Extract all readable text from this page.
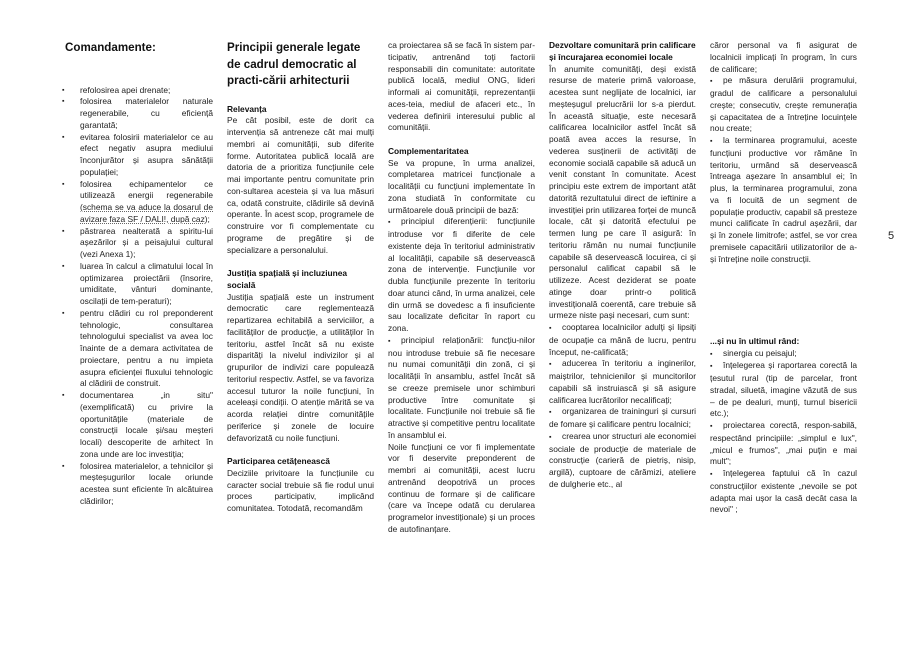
Comandamente:
▪ refolosirea apei drenate;
▪ folosirea materialelor naturale regenerabile, cu eficiență garantată;
▪ evitarea folosirii materialelor ce au efect negativ asupra mediului înconjurător și asupra sănătății populației;
▪ folosirea echipamentelor ce utilizează energii regenerabile (schema se va aduce la dosarul de avizare faza SF / DALI!, după caz);
▪ păstrarea nealterată a spiritu-lui așezărilor și a peisajului cultural (vezi Anexa 1);
▪ luarea în calcul a climatului local în optimizarea proiectării (însorire, umiditate, vânturi dominante, oscilații de tem-peraturi);
▪ pentru clădiri cu rol preponderent tehnologic, consultarea tehnologului specialist va avea loc înainte de a demara activitatea de proiectare, pentru a nu impieta asupra eficienței fluxului tehnologic al clădirii de construit.
▪ documentarea „in situ" (exemplificată) cu privire la oportunitățile (materiale de construcții locale și/sau meșteri locali) descoperite de arhitect în zona unde are loc investiția;
▪ folosirea materialelor, a tehnicilor și meșteșugurilor locale oriunde acestea sunt eficiente în alcătuirea clădirilor;
Principii generale legate de cadrul democratic al practi-cării arhitecturii
Relevanța
Pe cât posibil, este de dorit ca intervenția să antreneze cât mai mulți membri ai comunității, sub diferite forme. Autoritatea publică locală are datoria de a prioritiza funcțiunile cele mai importante pentru comunitate prin con-sultarea acesteia și va lua măsuri ca, odată construite, clădirile să devină operante. În acest scop, programele de construire vor fi complementate cu programe de pregătire și de specializare a personalului.
Justiția spațială și incluziunea socială
Justiția spațială este un instrument democratic care reglementează repartizarea echitabilă a serviciilor, a facilităților de producție, a utilităților în teritoriu, astfel încât să nu existe disparități la nivelul indivizilor și al grupurilor de indivizi care populează teritoriul respectiv. Astfel, se va favoriza accesul tuturor la noile funcțiuni, în aceleași condiții. O atenție mărită se va acorda relației dintre comunitățile periferice și zonele de locuire defavorizată cu noile funcțiuni.
Participarea cetățenească
Deciziile privitoare la funcțiunile cu caracter social trebuie să fie rodul unui proces participativ, implicând comunitatea. Totodată, recomandăm
ca proiectarea să se facă în sistem par-ticipativ, antrenând toți factorii responsabili din comunitate: autoritate publică locală, mediul ONG, lideri informali ai comunității, reprezentanții aces-teia, mediul de afaceri etc., în vederea definirii interesului public al comunității.
Complementaritatea
Se va propune, în urma analizei, completarea matricei funcționale a localității cu funcțiuni implementate în zona studiată în conformitate cu următoarele două principii de bază:
▪ principiul diferențierii: funcțiunile introduse vor fi diferite de cele existente deja în teritoriul administrativ al localității, capabile să deservească zona de intervenție. Funcțiunile vor dubla funcțiunile prezente în teritoriu doar atunci când, în urma analizei, cele din urmă se dovedesc a fi insuficiente sau localizate deficitar în raport cu zona.
▪ principiul relaționării: funcțiu-nilor nou introduse trebuie să fie necesare nu numai comunității din zonă, ci și localității în ansamblu, astfel încât să se creeze premisele unor schimburi productive între comunitate și localitate. Funcțiunile noi trebuie să fie atractive și competitive pentru localitate în ansamblul ei.
Noile funcțiuni ce vor fi implementate vor fi deservite preponderent de membri ai comunității, acest lucru antrenând deopotrivă un proces continuu de formare și de calificare (care va începe odată cu derularea programelor investiționale) și un proces de autofinanțare.
Dezvoltare comunitară prin calificare și încurajarea economiei locale
În anumite comunități, deși există resurse de materie primă valoroase, acestea sunt neglijate de localnici, iar meșteșugul prelucrării lor s-a pierdut. În această situație, este necesară calificarea localnicilor astfel încât să poată avea acces la resurse, în vederea susținerii de activități de economie socială capabile să aducă un venit constant în comunitate. Acest principiu este extrem de important atât datorită rezultatului direct de ieftinire a investiției prin utilizarea forței de muncă locale, cât și datorită efectului pe termen lung pe care îl asigură: în teritoriu rămân nu numai funcțiunile capabile să deservească locuirea, ci și personalul calificat capabil să le utilizeze. Acest deziderat se poate atinge doar printr-o politică investițională coerentă, care trebuie să urmeze niste pași necesari, cum sunt:
▪ cooptarea localnicilor adulți și lipsiți de ocupație ca mână de lucru, pentru început, ne-calificată;
▪ aducerea în teritoriu a inginerilor, maiștrilor, tehnicienilor și muncitorilor capabili să instruiască și să asigure calificarea lucrătorilor necalificați;
▪ organizarea de traininguri și cursuri de fomare și calificare pentru localnici;
▪ crearea unor structuri ale economiei sociale de producție de materiale de construcție (carieră de pietriș, nisip, argilă), cuptoare de cărămizi, ateliere de dulgherie etc., al
căror personal va fi asigurat de localnicii implicați în program, în curs de calificare;
▪ pe măsura derulării programului, gradul de calificare a personalului crește; consecutiv, crește remunerația și capacitatea de a întreține locuințele nou create;
▪ la terminarea programului, aceste funcțiuni productive vor rămâne în teritoriu, urmând să deservească întreaga așezare în ansamblul ei; în plus, la terminarea programului, zona va fi locuită de un segment de populație productiv, capabil să presteze munci calificate în cadrul așezării, dar și în zonele limitrofe; astfel, se vor crea premisele capacitării utilizatorilor de a-și întreține noile construcții.
...și nu în ultimul rând:
▪ sinergia cu peisajul;
▪ înțelegerea și raportarea corectă la țesutul rural (tip de parcelar, front stradal, siluetă, imagine văzută de sus – de pe dealuri, munți, turnul bisericii etc.);
▪ proiectarea corectă, respon-sabilă, respectând principiile: „simplul e lux", „micul e frumos", „mai puțin e mai mult";
▪ înțelegerea faptului că în cazul construcțiilor existente „nevoile se pot adapta mai ușor la casă decât casa la nevoi" ;
5
